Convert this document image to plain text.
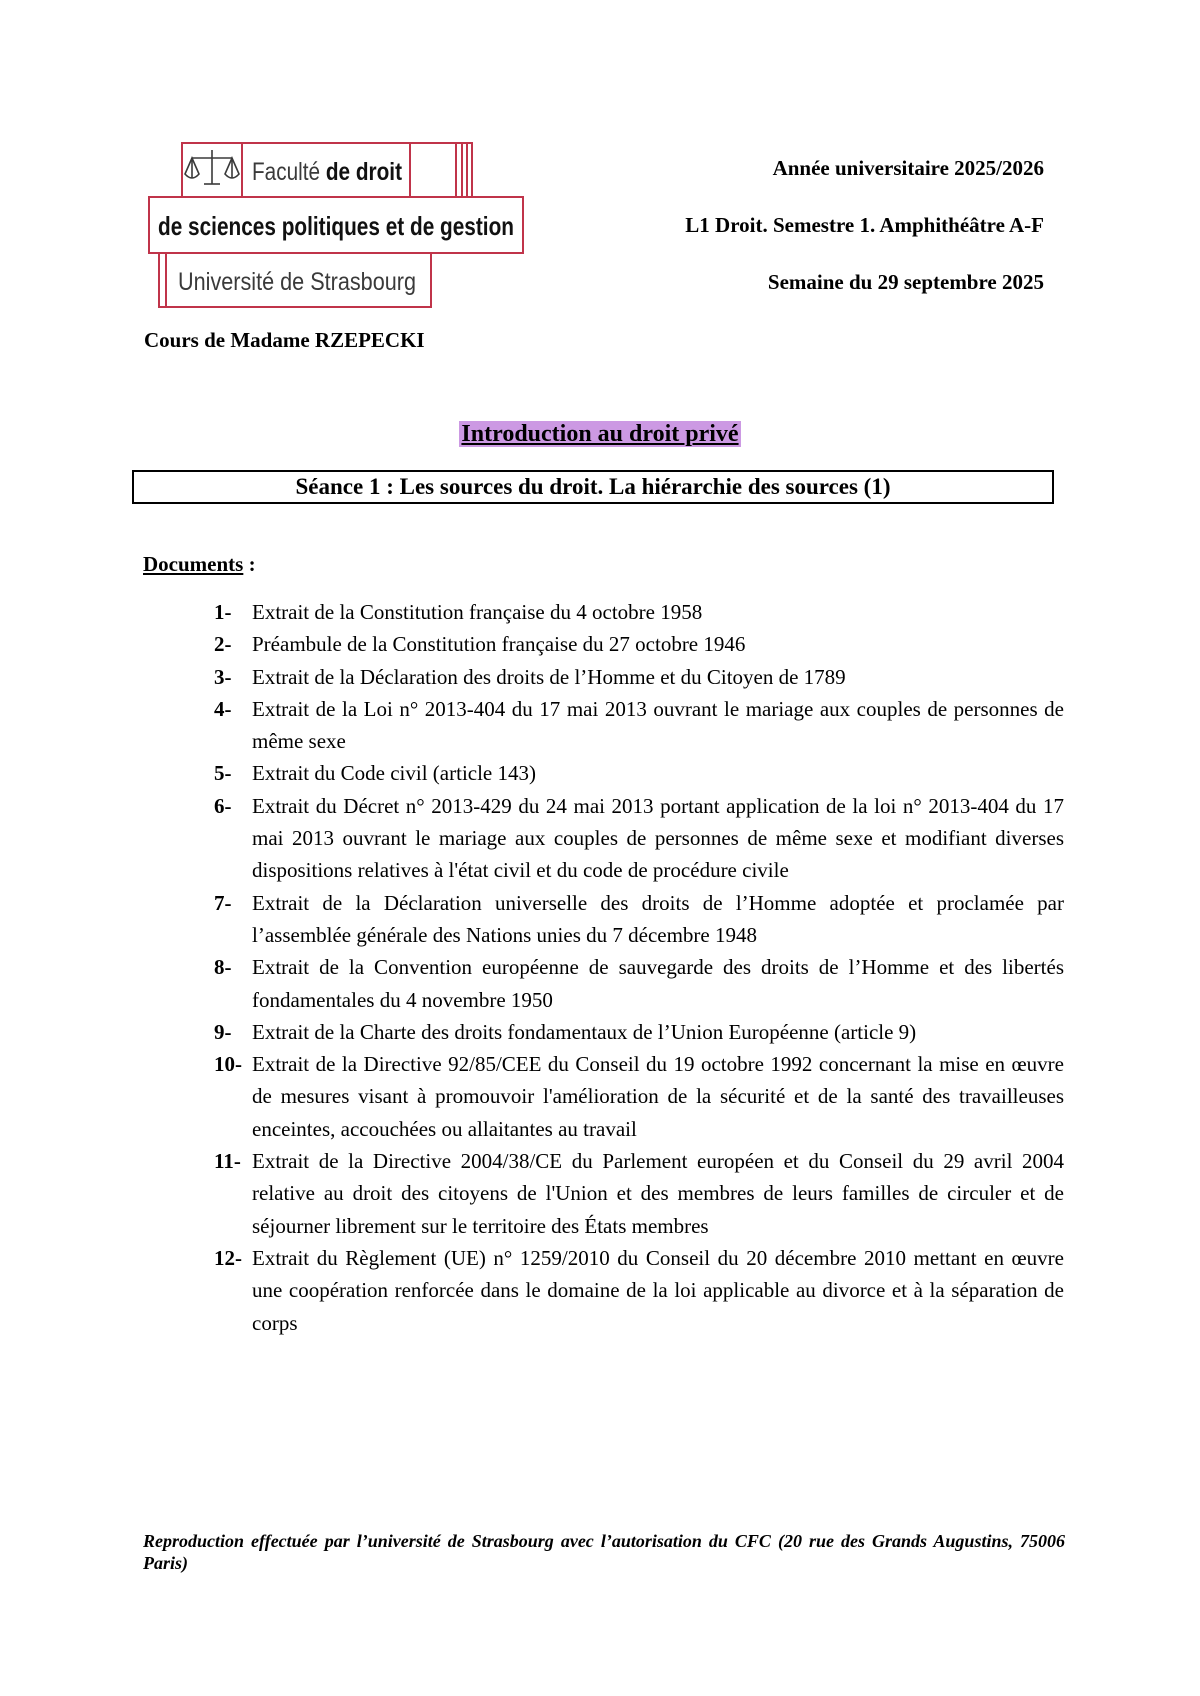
Faculté de droit
de sciences politiques et de gestion
Université de Strasbourg
Année universitaire 2025/2026
L1 Droit. Semestre 1. Amphithéâtre A-F
Semaine du 29 septembre 2025
Cours de Madame RZEPECKI
Introduction au droit privé
Séance 1 : Les sources du droit. La hiérarchie des sources (1)
Documents :
1- Extrait de la Constitution française du 4 octobre 1958
2- Préambule de la Constitution française du 27 octobre 1946
3- Extrait de la Déclaration des droits de l’Homme et du Citoyen de 1789
4- Extrait de la Loi n° 2013-404 du 17 mai 2013 ouvrant le mariage aux couples de personnes de même sexe
5- Extrait du Code civil (article 143)
6- Extrait du Décret n° 2013-429 du 24 mai 2013 portant application de la loi n° 2013-404 du 17 mai 2013 ouvrant le mariage aux couples de personnes de même sexe et modifiant diverses dispositions relatives à l'état civil et du code de procédure civile
7- Extrait de la Déclaration universelle des droits de l’Homme adoptée et proclamée par l’assemblée générale des Nations unies du 7 décembre 1948
8- Extrait de la Convention européenne de sauvegarde des droits de l’Homme et des libertés fondamentales du 4 novembre 1950
9- Extrait de la Charte des droits fondamentaux de l’Union Européenne (article 9)
10- Extrait de la Directive 92/85/CEE du Conseil du 19 octobre 1992 concernant la mise en œuvre de mesures visant à promouvoir l'amélioration de la sécurité et de la santé des travailleuses enceintes, accouchées ou allaitantes au travail
11- Extrait de la Directive 2004/38/CE du Parlement européen et du Conseil du 29 avril 2004 relative au droit des citoyens de l'Union et des membres de leurs familles de circuler et de séjourner librement sur le territoire des États membres
12- Extrait du Règlement (UE) n° 1259/2010 du Conseil du 20 décembre 2010 mettant en œuvre une coopération renforcée dans le domaine de la loi applicable au divorce et à la séparation de corps
Reproduction effectuée par l’université de Strasbourg avec l’autorisation du CFC (20 rue des Grands Augustins, 75006 Paris)
